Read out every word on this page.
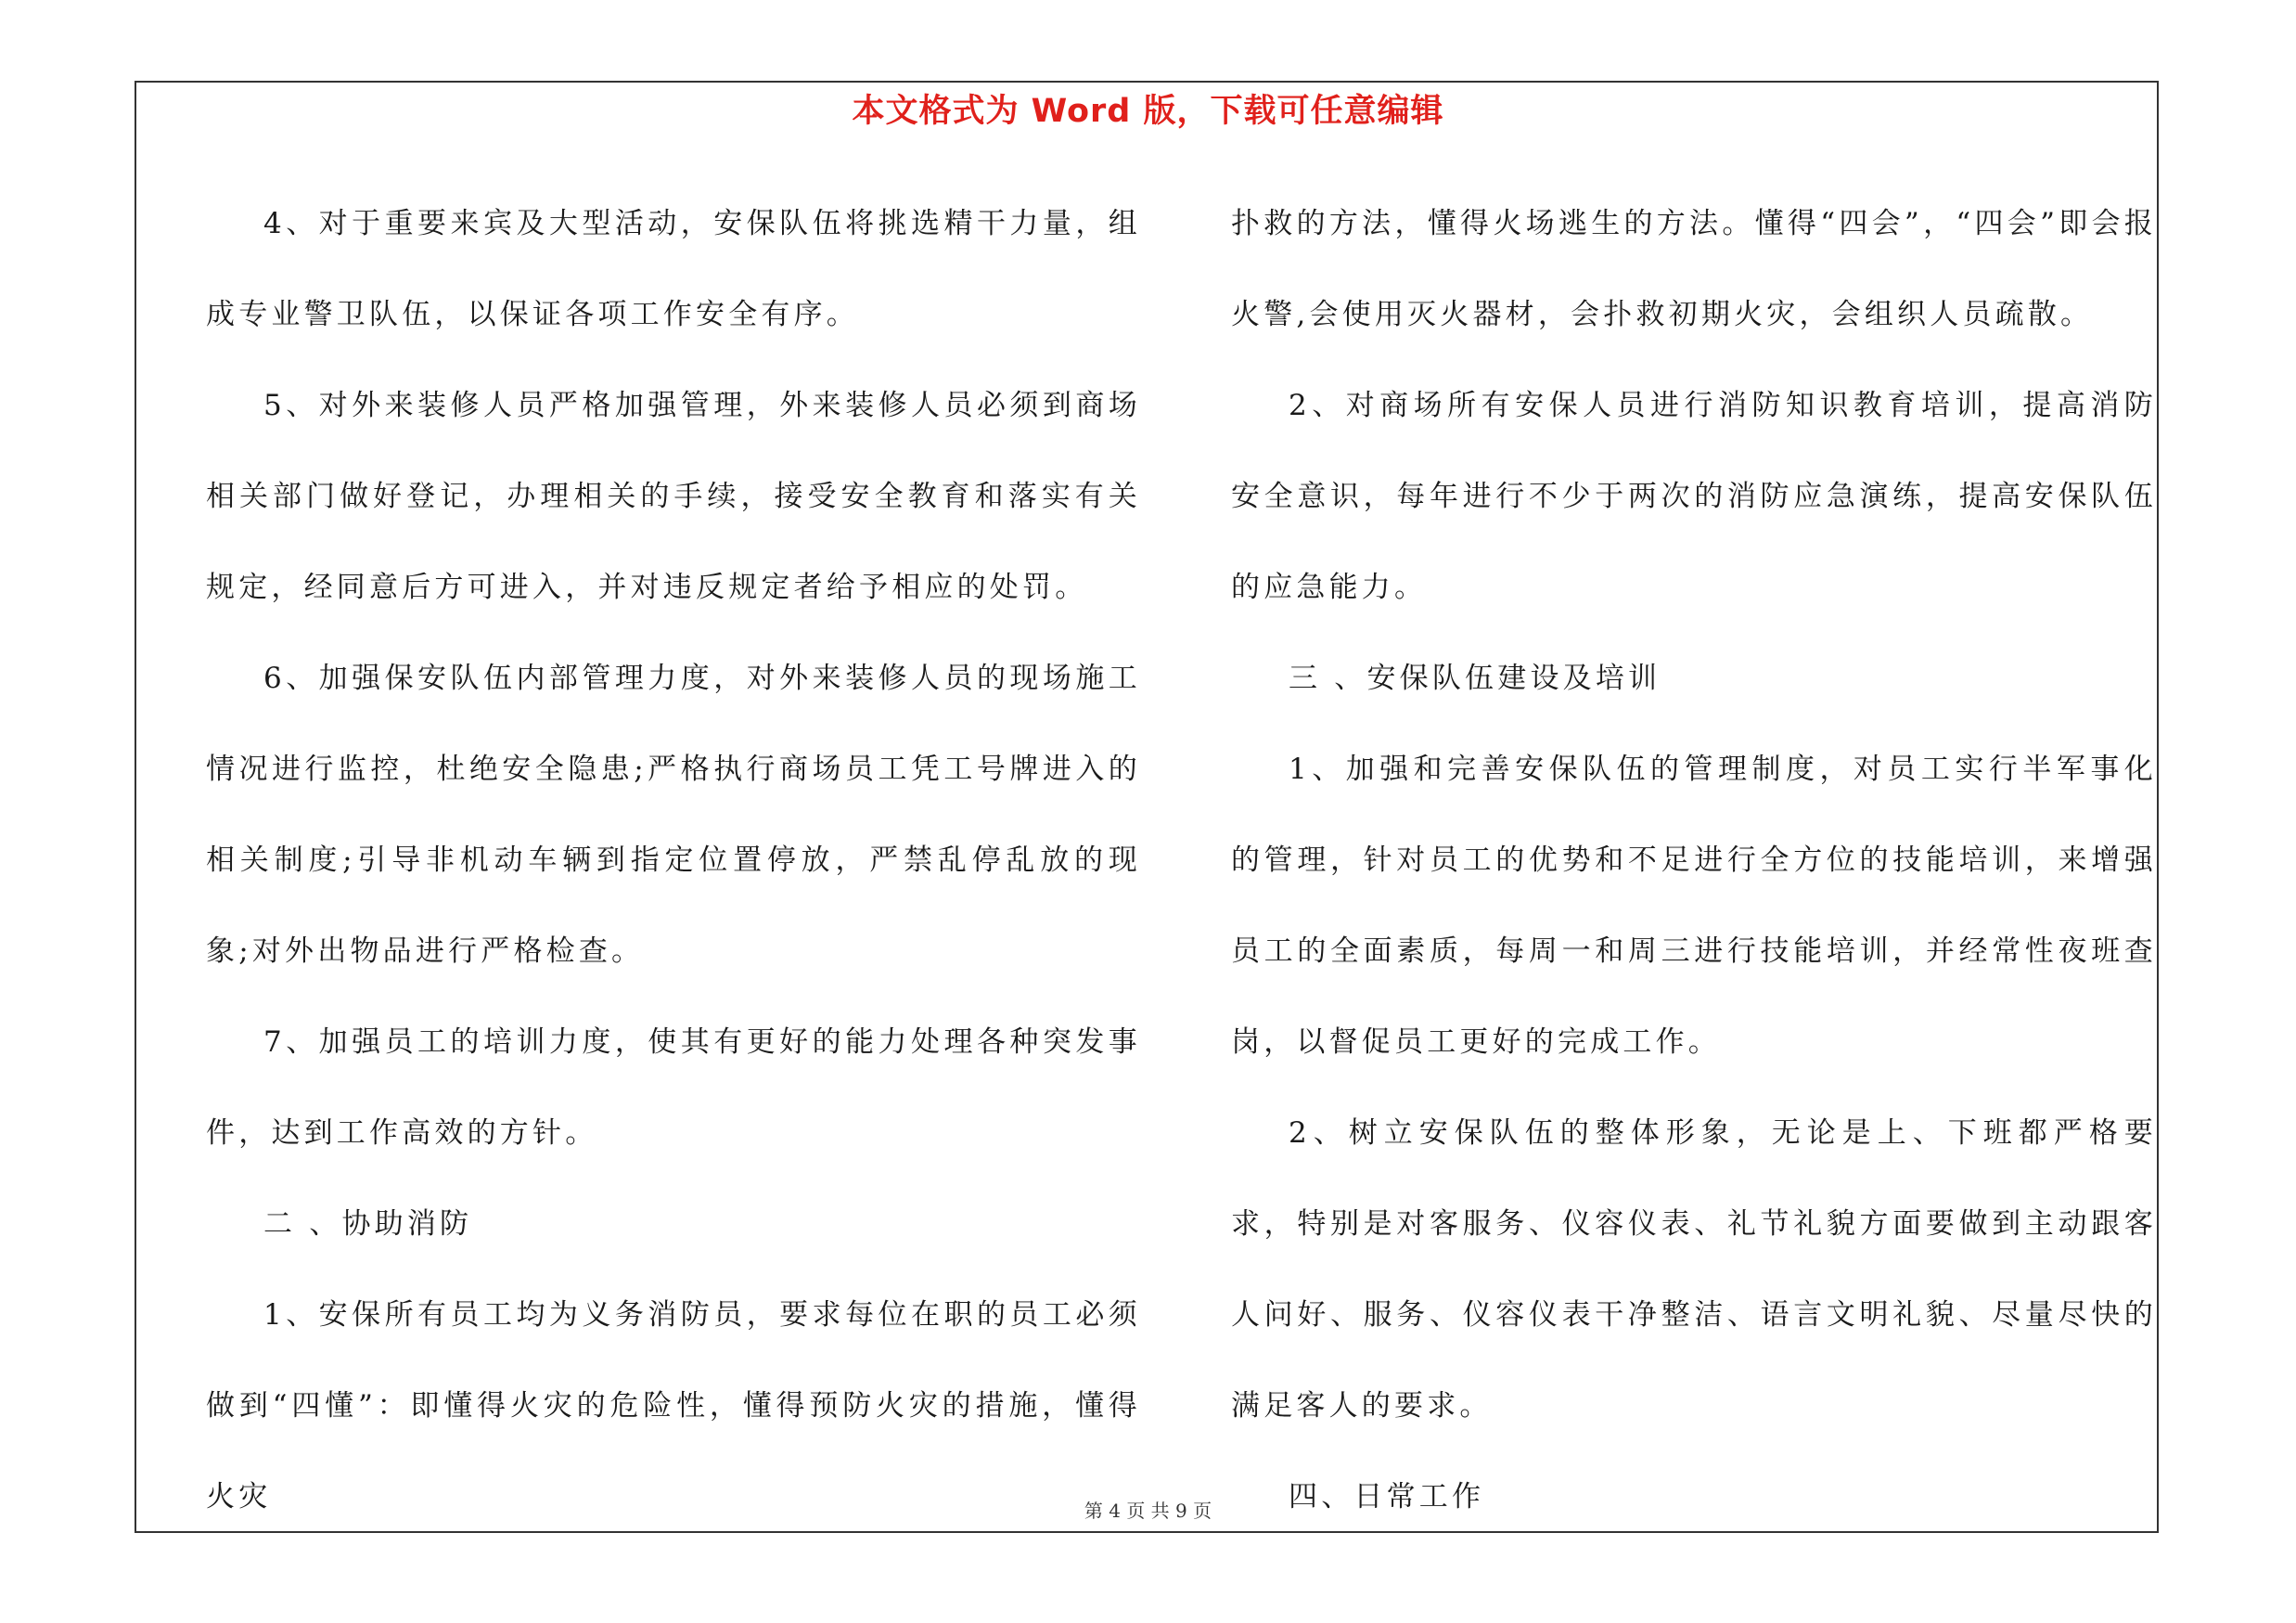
本文格式为 Word 版，下载可任意编辑

4、对于重要来宾及大型活动，安保队伍将挑选精干力量，组成专业警卫队伍，以保证各项工作安全有序。

5、对外来装修人员严格加强管理，外来装修人员必须到商场相关部门做好登记，办理相关的手续，接受安全教育和落实有关规定，经同意后方可进入，并对违反规定者给予相应的处罚。

6、加强保安队伍内部管理力度，对外来装修人员的现场施工情况进行监控，杜绝安全隐患;严格执行商场员工凭工号牌进入的相关制度;引导非机动车辆到指定位置停放，严禁乱停乱放的现象;对外出物品进行严格检查。

7、加强员工的培训力度，使其有更好的能力处理各种突发事件，达到工作高效的方针。

二 、协助消防

1、安保所有员工均为义务消防员，要求每位在职的员工必须做到“四懂”：即懂得火灾的危险性，懂得预防火灾的措施，懂得火灾

扑救的方法，懂得火场逃生的方法。懂得“四会”，“四会”即会报火警,会使用灭火器材，会扑救初期火灾，会组织人员疏散。

2、对商场所有安保人员进行消防知识教育培训，提高消防安全意识，每年进行不少于两次的消防应急演练，提高安保队伍的应急能力。

三 、安保队伍建设及培训

1、加强和完善安保队伍的管理制度，对员工实行半军事化的管理，针对员工的优势和不足进行全方位的技能培训，来增强员工的全面素质，每周一和周三进行技能培训，并经常性夜班查岗，以督促员工更好的完成工作。

2、树立安保队伍的整体形象，无论是上、下班都严格要求，特别是对客服务、仪容仪表、礼节礼貌方面要做到主动跟客人问好、服务、仪容仪表干净整洁、语言文明礼貌、尽量尽快的满足客人的要求。

四、日常工作

第 4 页 共 9 页
